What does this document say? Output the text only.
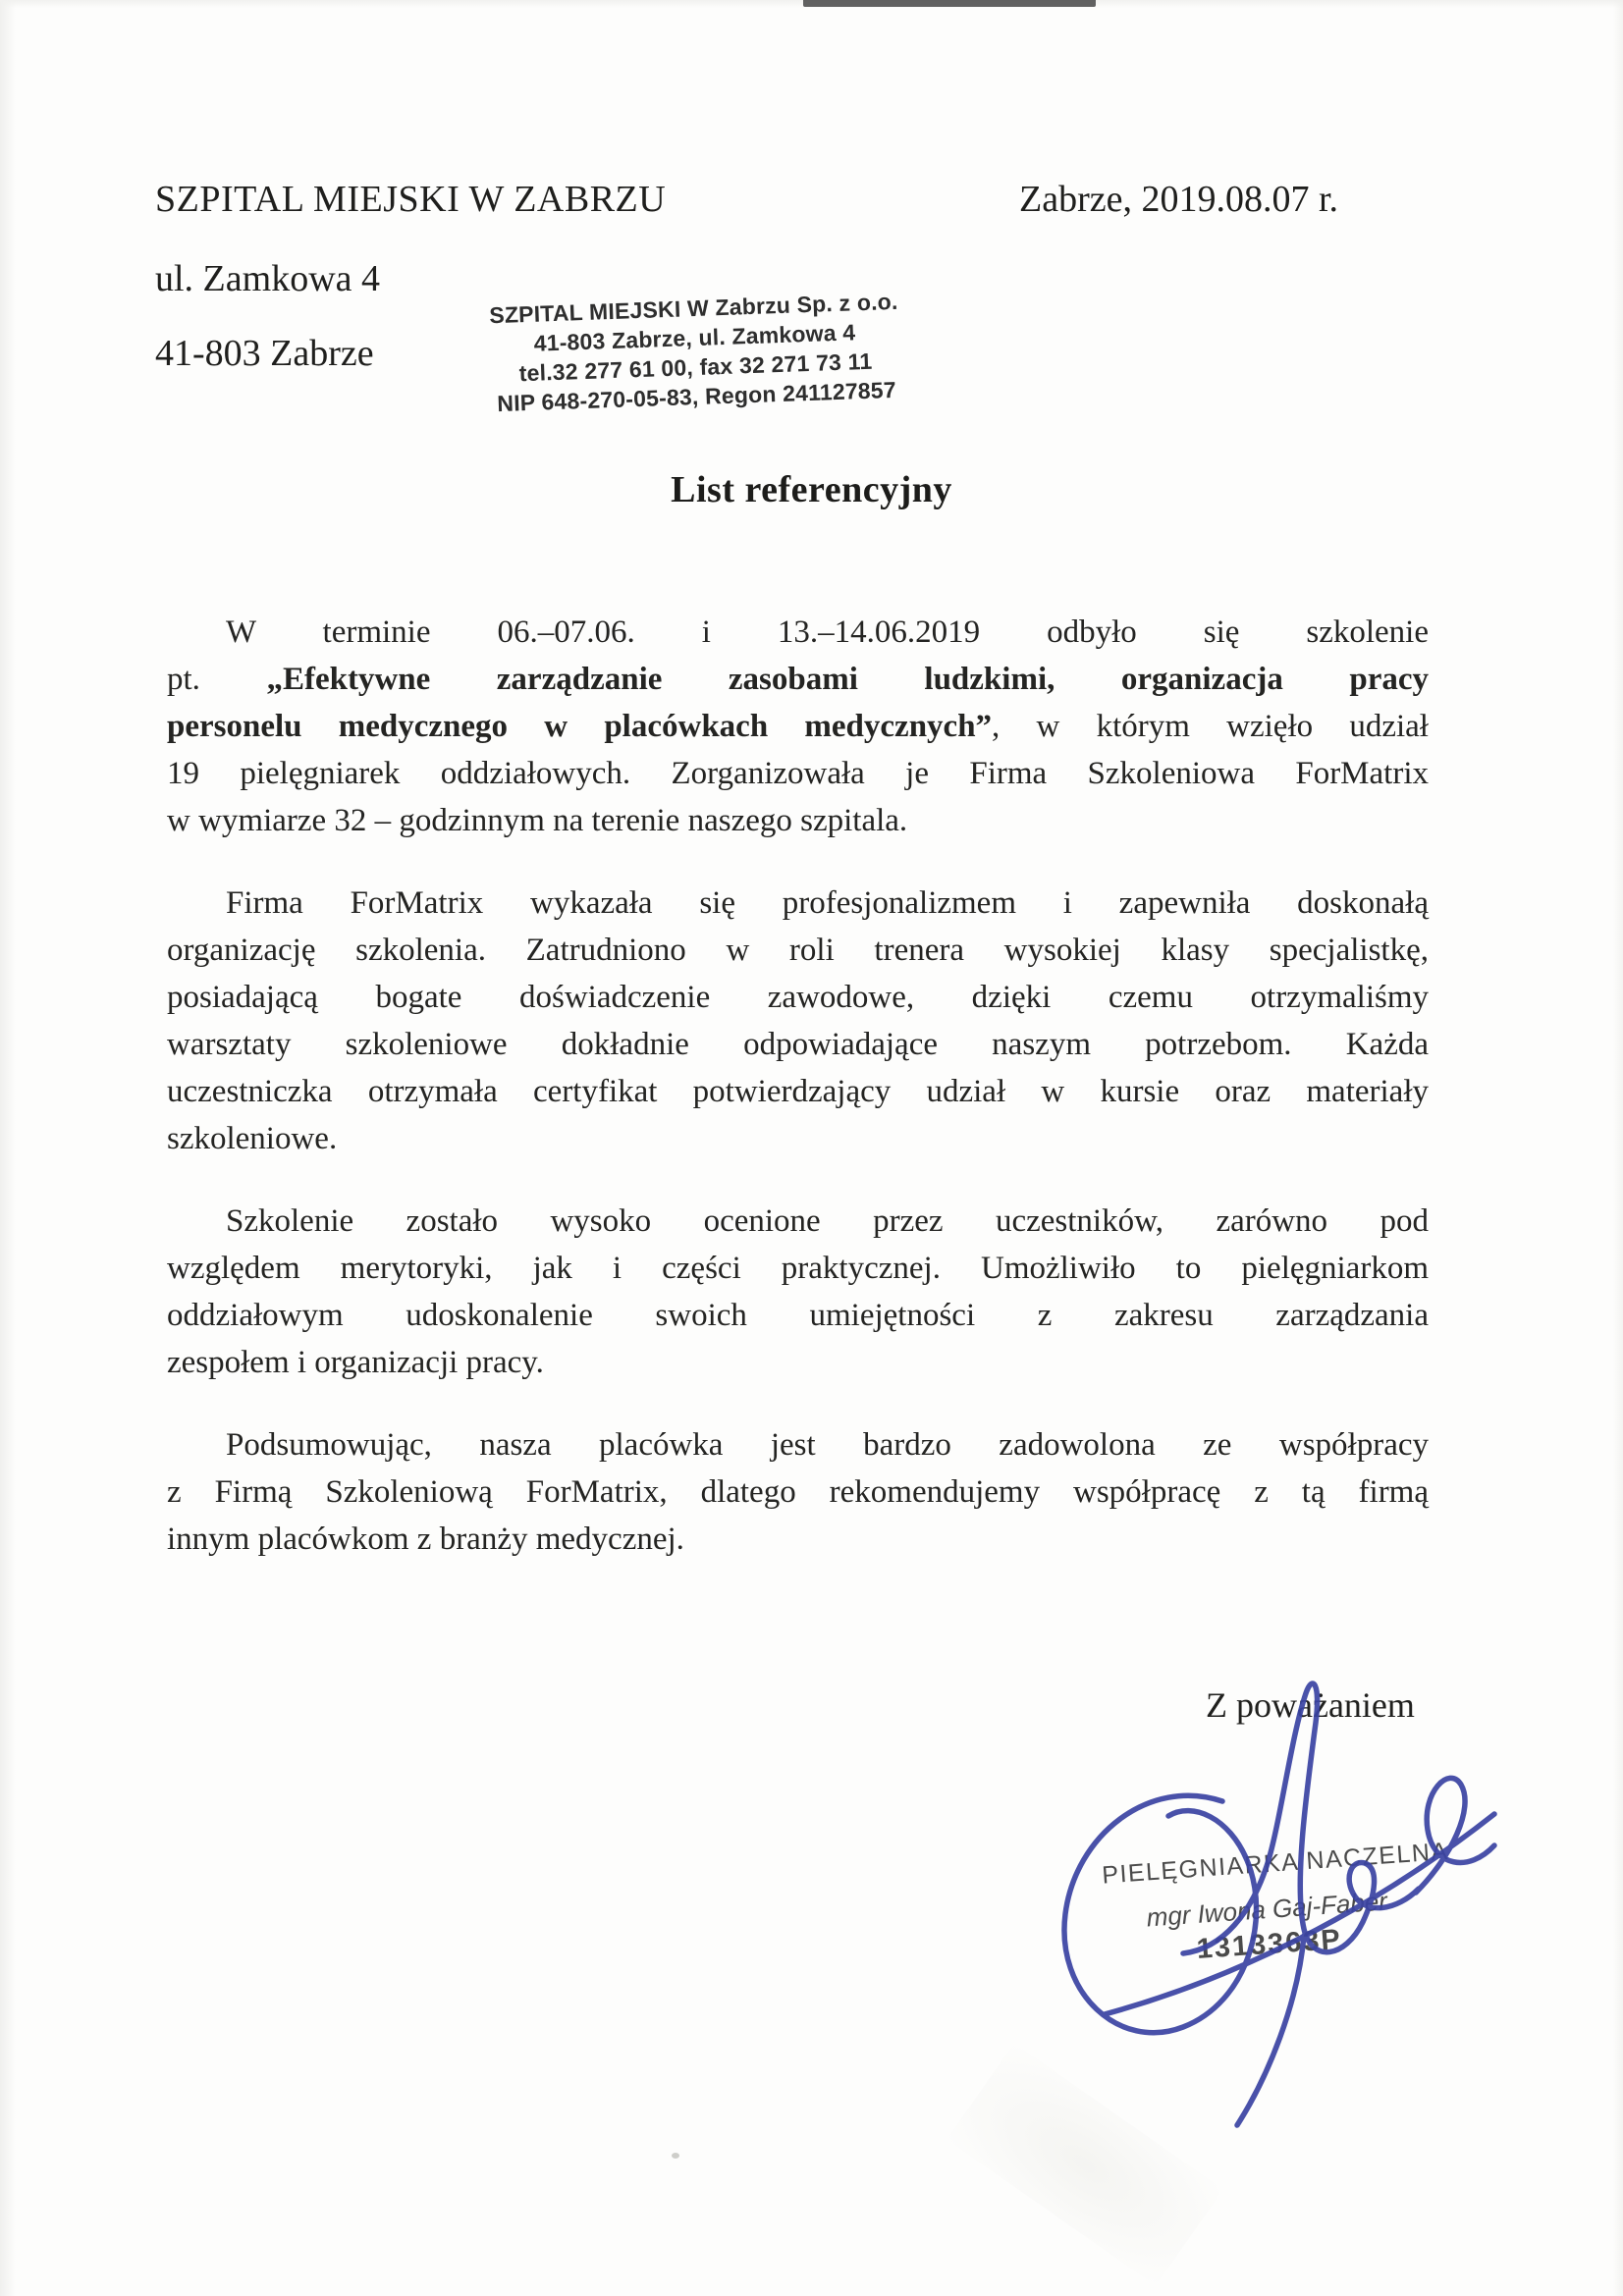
SZPITAL MIEJSKI W ZABRZU	Zabrze, 2019.08.07 r.
ul. Zamkowa 4
41-803 Zabrze
SZPITAL MIEJSKI W Zabrzu Sp. z o.o.
41-803 Zabrze, ul. Zamkowa 4
tel.32 277 61 00, fax 32 271 73 11
NIP 648-270-05-83, Regon 241127857
List referencyjny
W terminie 06.–07.06. i 13.–14.06.2019 odbyło się szkolenie
pt. „Efektywne zarządzanie zasobami ludzkimi, organizacja pracy
personelu medycznego w placówkach medycznych”, w którym wzięło udział
19 pielęgniarek oddziałowych. Zorganizowała je Firma Szkoleniowa ForMatrix
w wymiarze 32 – godzinnym na terenie naszego szpitala.
Firma ForMatrix wykazała się profesjonalizmem i zapewniła doskonałą
organizację szkolenia. Zatrudniono w roli trenera wysokiej klasy specjalistkę,
posiadającą bogate doświadczenie zawodowe, dzięki czemu otrzymaliśmy
warsztaty szkoleniowe dokładnie odpowiadające naszym potrzebom. Każda
uczestniczka otrzymała certyfikat potwierdzający udział w kursie oraz materiały
szkoleniowe.
Szkolenie zostało wysoko ocenione przez uczestników, zarówno pod
względem merytoryki, jak i części praktycznej. Umożliwiło to pielęgniarkom
oddziałowym udoskonalenie swoich umiejętności z zakresu zarządzania
zespołem i organizacji pracy.
Podsumowując, nasza placówka jest bardzo zadowolona ze współpracy
z Firmą Szkoleniową ForMatrix, dlatego rekomendujemy współpracę z tą firmą
innym placówkom z branży medycznej.
Z poważaniem
PIELĘGNIARKA NACZELNA
mgr Iwona Gaj-Faber
1313363P
